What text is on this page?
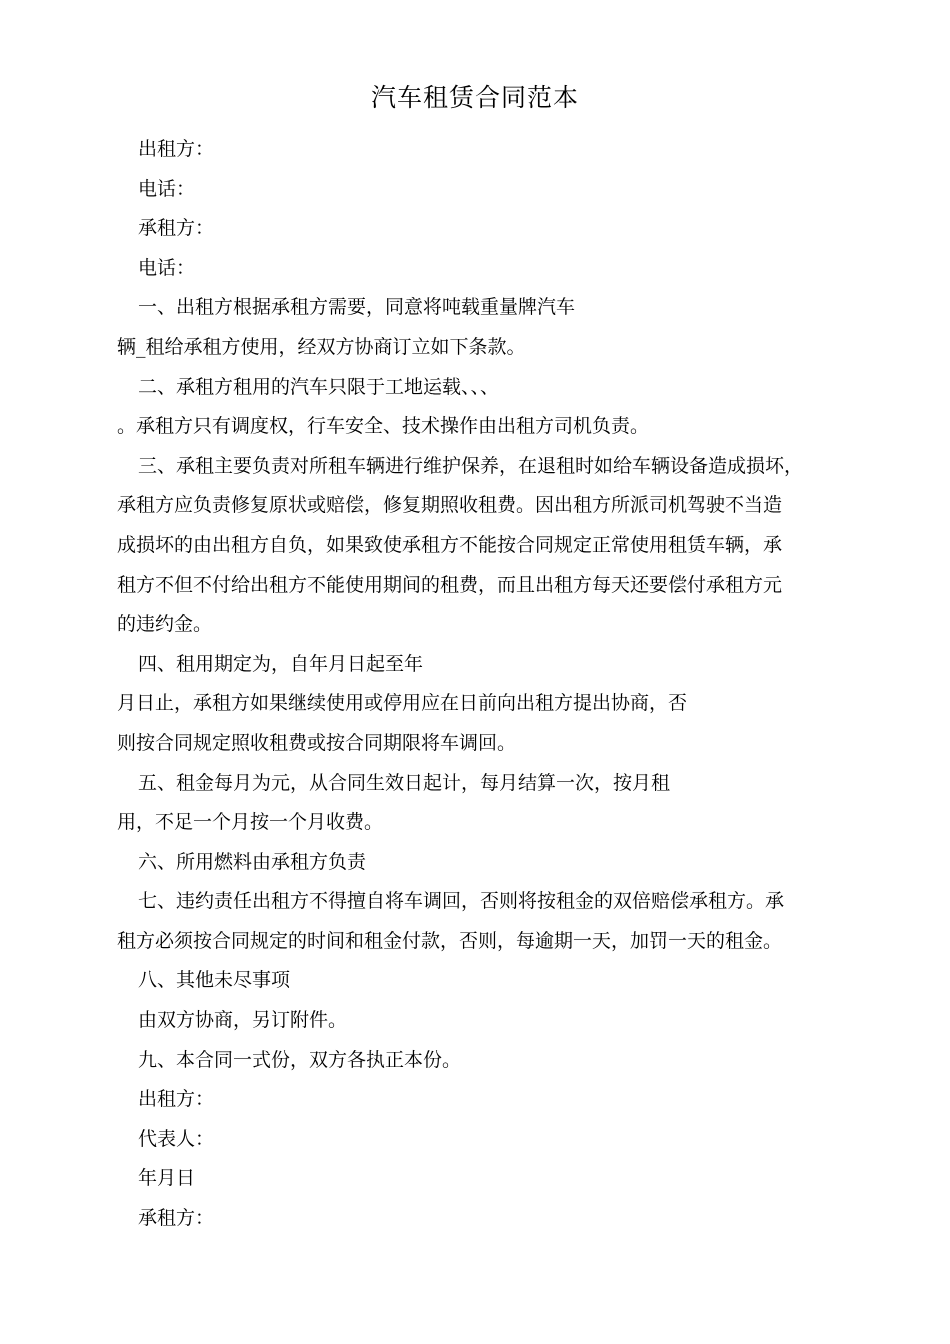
汽车租赁合同范本
出租方：
电话：
承租方：
电话：
一、出租方根据承租方需要，同意将吨载重量牌汽车
辆_租给承租方使用，经双方协商订立如下条款。
二、承租方租用的汽车只限于工地运载、、、
。承租方只有调度权，行车安全、技术操作由出租方司机负责。
三、承租主要负责对所租车辆进行维护保养，在退租时如给车辆设备造成损坏，
承租方应负责修复原状或赔偿，修复期照收租费。因出租方所派司机驾驶不当造
成损坏的由出租方自负，如果致使承租方不能按合同规定正常使用租赁车辆，承
租方不但不付给出租方不能使用期间的租费，而且出租方每天还要偿付承租方元
的违约金。
四、租用期定为，自年月日起至年
月日止，承租方如果继续使用或停用应在日前向出租方提出协商，否
则按合同规定照收租费或按合同期限将车调回。
五、租金每月为元，从合同生效日起计，每月结算一次，按月租
用，不足一个月按一个月收费。
六、所用燃料由承租方负责
七、违约责任出租方不得擅自将车调回，否则将按租金的双倍赔偿承租方。承
租方必须按合同规定的时间和租金付款，否则，每逾期一天，加罚一天的租金。
八、其他未尽事项
由双方协商，另订附件。
九、本合同一式份，双方各执正本份。
出租方：
代表人：
年月日
承租方：
